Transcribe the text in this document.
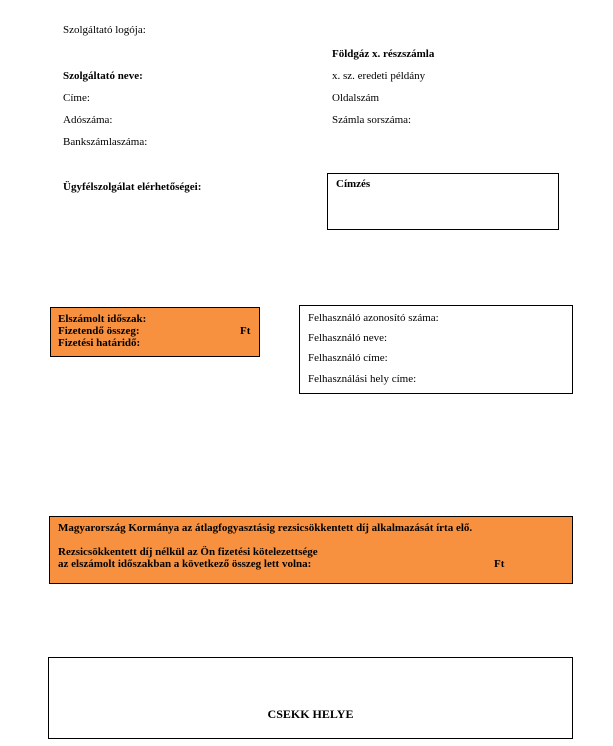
Szolgáltató logója:
Szolgáltató neve:
Címe:
Adószáma:
Bankszámlaszáma:
Ügyfélszolgálat elérhetőségei:
Földgáz x. részszámla
x. sz. eredeti példány
Oldalszám
Számla sorszáma:
Címzés
Elszámolt időszak:
Fizetendő összeg:	Ft
Fizetési határidő:
Felhasználó azonosító száma:
Felhasználó neve:
Felhasználó címe:
Felhasználási hely címe:
Magyarország Kormánya az átlagfogyasztásig rezsicsökkentett díj alkalmazását írta elő.
Rezsicsökkentett díj nélkül az Ön fizetési kötelezettsége
az elszámolt időszakban a következő összeg lett volna:	Ft
CSEKK HELYE
